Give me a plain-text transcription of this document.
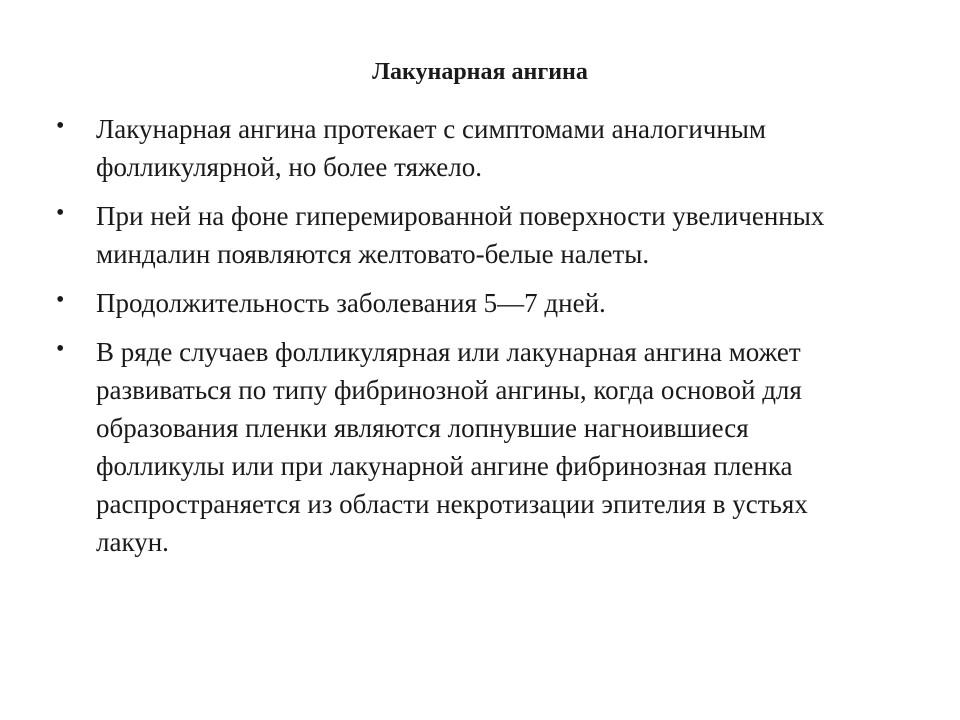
Лакунарная ангина
•	Лакунарная ангина протекает с симптомами аналогичным фолликулярной, но более тяжело.
•	При ней на фоне гиперемированной поверхности увеличенных миндалин появляются желтовато-белые налеты.
•	Продолжительность заболевания 5—7 дней.
•	В ряде случаев фолликулярная или лакунарная ангина может развиваться по типу фибринозной ангины, когда основой для образования пленки являются лопнувшие нагноившиеся фолликулы или при лакунарной ангине фибринозная пленка распространяется из области некротизации эпителия в устьях лакун.
